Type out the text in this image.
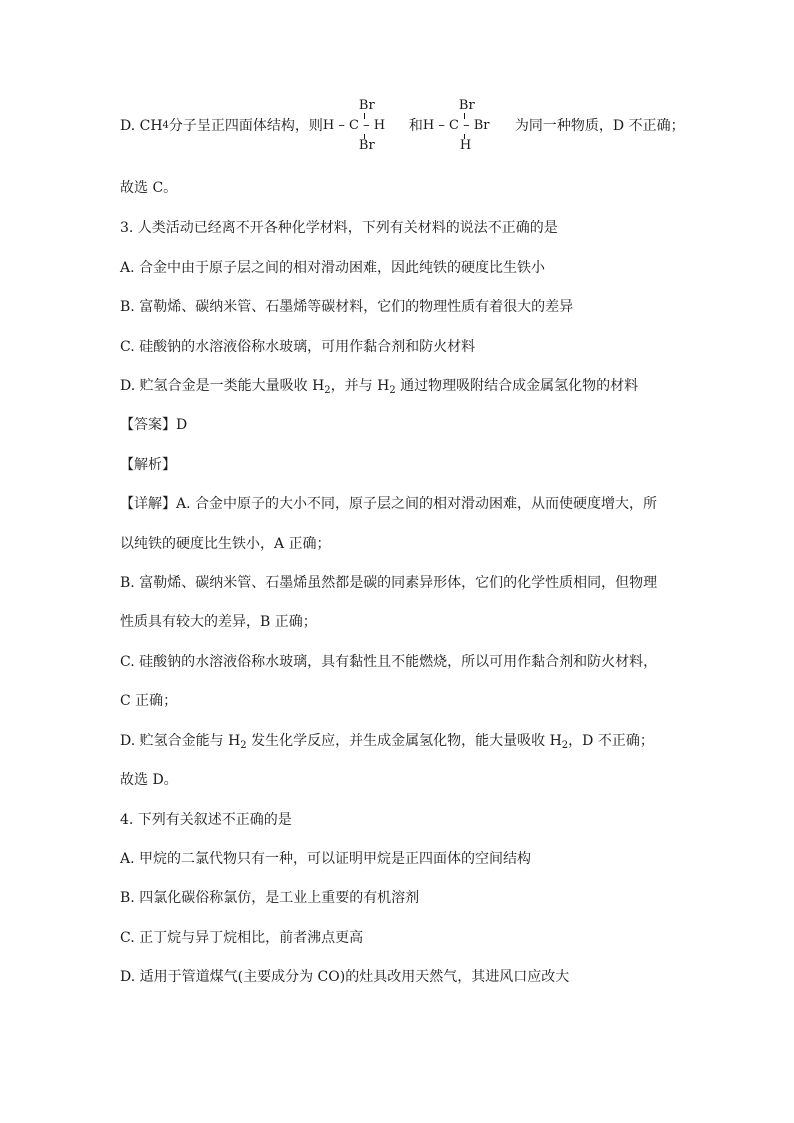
D. CH 4 分子呈正四面体结构，则
Br
H – C – H
Br
和
Br
H – C – Br
H
为同一种物质，D 不正确；
故选 C。
3. 人类活动已经离不开各种化学材料，下列有关材料的说法不正确的是
A. 合金中由于原子层之间的相对滑动困难，因此纯铁的硬度比生铁小
B. 富勒烯、碳纳米管、石墨烯等碳材料，它们的物理性质有着很大的差异
C. 硅酸钠的水溶液俗称水玻璃，可用作黏合剂和防火材料
D. 贮氢合金是一类能大量吸收 $H_2$，并与 $H_2$ 通过物理吸附结合成金属氢化物的材料
【答案】D
【解析】
【详解】A. 合金中原子的大小不同，原子层之间的相对滑动困难，从而使硬度增大，所
以纯铁的硬度比生铁小，A 正确；
B. 富勒烯、碳纳米管、石墨烯虽然都是碳的同素异形体，它们的化学性质相同，但物理
性质具有较大的差异，B 正确；
C. 硅酸钠的水溶液俗称水玻璃，具有黏性且不能燃烧，所以可用作黏合剂和防火材料，
C 正确；
D. 贮氢合金能与 $H_2$ 发生化学反应，并生成金属氢化物，能大量吸收 $H_2$，D 不正确；
故选 D。
4. 下列有关叙述不正确的是
A. 甲烷的二氯代物只有一种，可以证明甲烷是正四面体的空间结构
B. 四氯化碳俗称氯仿，是工业上重要的有机溶剂
C. 正丁烷与异丁烷相比，前者沸点更高
D. 适用于管道煤气(主要成分为 CO)的灶具改用天然气，其进风口应改大
